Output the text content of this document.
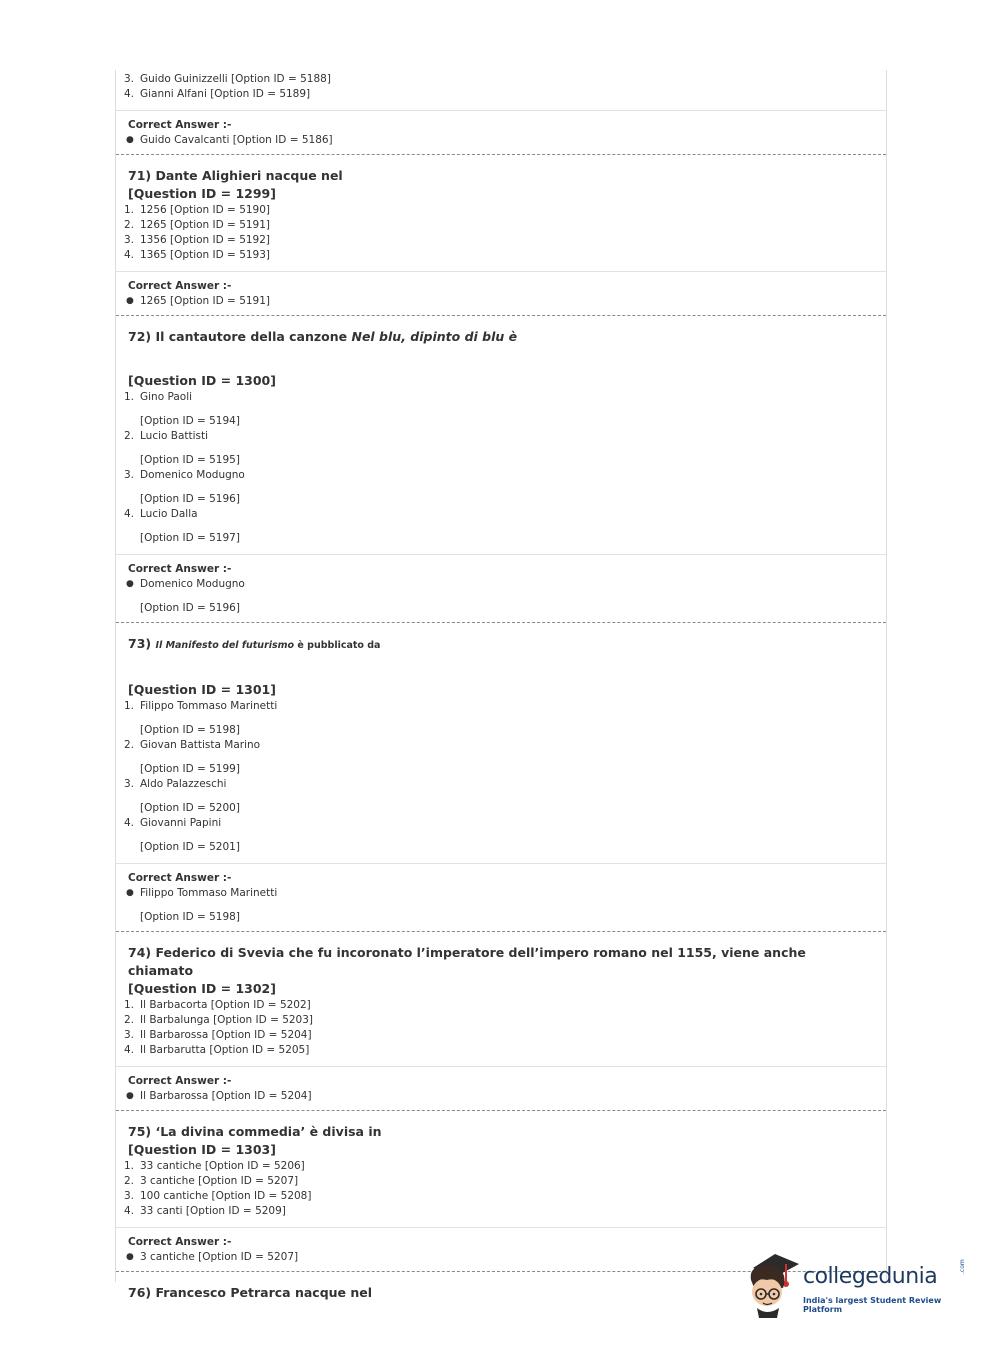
3. Guido Guinizzelli [Option ID = 5188]
4. Gianni Alfani [Option ID = 5189]
Correct Answer :-
● Guido Cavalcanti [Option ID = 5186]
71) Dante Alighieri nacque nel
[Question ID = 1299]
1. 1256 [Option ID = 5190]
2. 1265 [Option ID = 5191]
3. 1356 [Option ID = 5192]
4. 1365 [Option ID = 5193]
Correct Answer :-
● 1265 [Option ID = 5191]
72) Il cantautore della canzone Nel blu, dipinto di blu è
[Question ID = 1300]
1. Gino Paoli
[Option ID = 5194]
2. Lucio Battisti
[Option ID = 5195]
3. Domenico Modugno
[Option ID = 5196]
4. Lucio Dalla
[Option ID = 5197]
Correct Answer :-
● Domenico Modugno
[Option ID = 5196]
73) Il Manifesto del futurismo è pubblicato da
[Question ID = 1301]
1. Filippo Tommaso Marinetti
[Option ID = 5198]
2. Giovan Battista Marino
[Option ID = 5199]
3. Aldo Palazzeschi
[Option ID = 5200]
4. Giovanni Papini
[Option ID = 5201]
Correct Answer :-
● Filippo Tommaso Marinetti
[Option ID = 5198]
74) Federico di Svevia che fu incoronato l’imperatore dell’impero romano nel 1155, viene anche chiamato
[Question ID = 1302]
1. Il Barbacorta [Option ID = 5202]
2. Il Barbalunga [Option ID = 5203]
3. Il Barbarossa [Option ID = 5204]
4. Il Barbarutta [Option ID = 5205]
Correct Answer :-
● Il Barbarossa [Option ID = 5204]
75) ‘La divina commedia’ è divisa in
[Question ID = 1303]
1. 33 cantiche [Option ID = 5206]
2. 3 cantiche [Option ID = 5207]
3. 100 cantiche [Option ID = 5208]
4. 33 canti [Option ID = 5209]
Correct Answer :-
● 3 cantiche [Option ID = 5207]
76) Francesco Petrarca nacque nel
collegedunia	.com
India's largest Student Review Platform
